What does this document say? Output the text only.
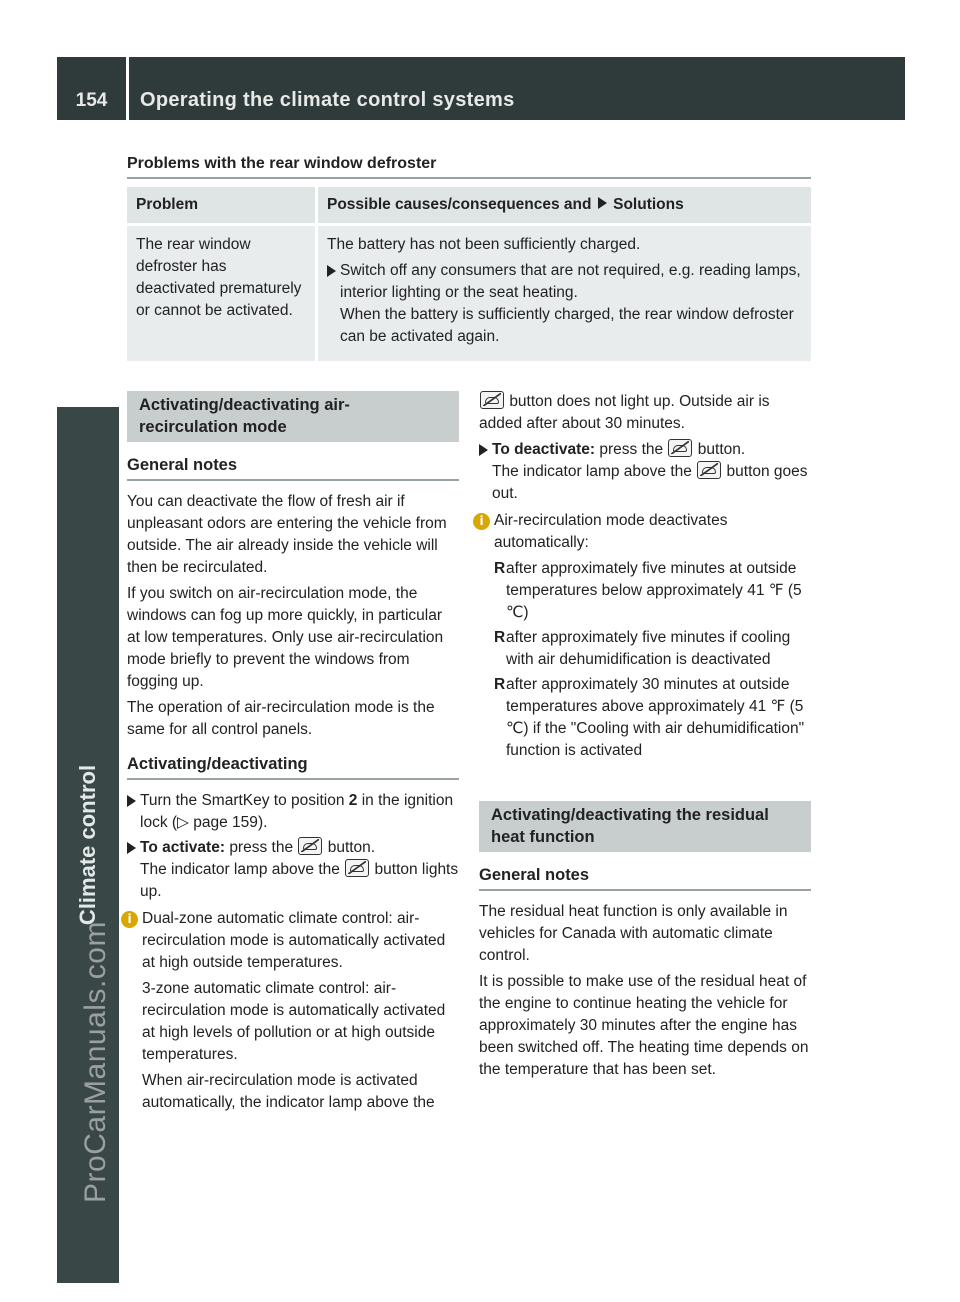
154	Operating the climate control systems
Climate control
ProCarManuals.com
Problems with the rear window defroster
Problem	Possible causes/consequences and Solutions
The rear window defroster has deactivated prematurely or cannot be activated.	The battery has not been sufficiently charged.

Switch off any consumers that are not required, e.g. reading lamps, interior lighting or the seat heating.
When the battery is sufficiently charged, the rear window defroster can be activated again.
Activating/deactivating air-recirculation mode
General notes

You can deactivate the flow of fresh air if unpleasant odors are entering the vehicle from outside. The air already inside the vehicle will then be recirculated.

If you switch on air-recirculation mode, the windows can fog up more quickly, in particular at low temperatures. Only use air-recirculation mode briefly to prevent the windows from fogging up.

The operation of air-recirculation mode is the same for all control panels.

Activating/deactivating
Turn the SmartKey to position 2 in the ignition lock (▷ page 159).
To activate: press the button.
The indicator lamp above the button lights up.
i Dual-zone automatic climate control: air-recirculation mode is automatically activated at high outside temperatures.

3-zone automatic climate control: air-recirculation mode is automatically activated at high levels of pollution or at high outside temperatures.

When air-recirculation mode is activated automatically, the indicator lamp above the

button does not light up. Outside air is added after about 30 minutes.

To deactivate: press the button.
The indicator lamp above the button goes out.
i Air-recirculation mode deactivates automatically:

R after approximately five minutes at outside temperatures below approximately 41 ℉ (5 ℃)
R after approximately five minutes if cooling with air dehumidification is deactivated
R after approximately 30 minutes at outside temperatures above approximately 41 ℉ (5 ℃) if the "Cooling with air dehumidification" function is activated
Activating/deactivating the residual heat function
General notes

The residual heat function is only available in vehicles for Canada with automatic climate control.

It is possible to make use of the residual heat of the engine to continue heating the vehicle for approximately 30 minutes after the engine has been switched off. The heating time depends on the temperature that has been set.
